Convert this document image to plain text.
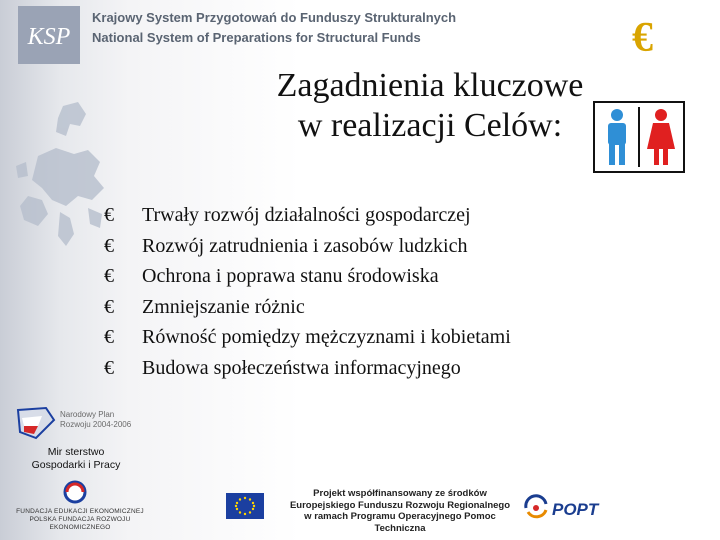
KSP
Krajowy System Przygotowań do Funduszy Strukturalnych
National System of Preparations for Structural Funds	€
Zagadnienia kluczowe
w realizacji Celów:
€ Trwały rozwój działalności gospodarczej
€ Rozwój zatrudnienia i zasobów ludzkich
€ Ochrona i poprawa stanu środowiska
€ Zmniejszanie różnic
€ Równość pomiędzy mężczyznami i kobietami
€ Budowa społeczeństwa informacyjnego
Narodowy Plan
Rozwoju 2004-2006
Mir sterstwo
Gospodarki i Pracy
FUNDACJA EDUKACJI EKONOMICZNEJ
POLSKA FUNDACJA ROZWOJU EKONOMICZNEGO
Projekt współfinansowany ze środków
Europejskiego Funduszu Rozwoju Regionalnego
w ramach Programu Operacyjnego Pomoc Techniczna
POPT
